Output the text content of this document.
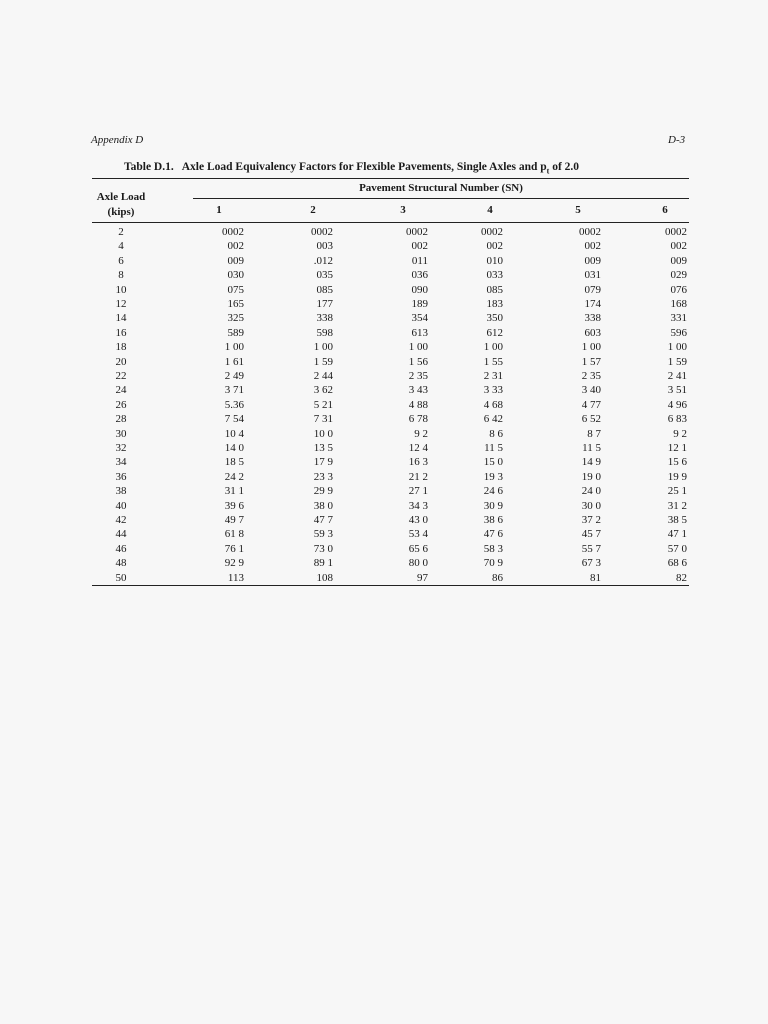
Appendix D	D-3
Table D.1. Axle Load Equivalency Factors for Flexible Pavements, Single Axles and $p_t$ of 2.0
Pavement Structural Number (SN)
Axle Load
(kips)	1	2	3	4	5	6
2	0002	0002	0002	0002	0002	0002
4	002	003	002	002	002	002
6	009	.012	011	010	009	009
8	030	035	036	033	031	029
10	075	085	090	085	079	076
12	165	177	189	183	174	168
14	325	338	354	350	338	331
16	589	598	613	612	603	596
18	1 00	1 00	1 00	1 00	1 00	1 00
20	1 61	1 59	1 56	1 55	1 57	1 59
22	2 49	2 44	2 35	2 31	2 35	2 41
24	3 71	3 62	3 43	3 33	3 40	3 51
26	5.36	5 21	4 88	4 68	4 77	4 96
28	7 54	7 31	6 78	6 42	6 52	6 83
30	10 4	10 0	9 2	8 6	8 7	9 2
32	14 0	13 5	12 4	11 5	11 5	12 1
34	18 5	17 9	16 3	15 0	14 9	15 6
36	24 2	23 3	21 2	19 3	19 0	19 9
38	31 1	29 9	27 1	24 6	24 0	25 1
40	39 6	38 0	34 3	30 9	30 0	31 2
42	49 7	47 7	43 0	38 6	37 2	38 5
44	61 8	59 3	53 4	47 6	45 7	47 1
46	76 1	73 0	65 6	58 3	55 7	57 0
48	92 9	89 1	80 0	70 9	67 3	68 6
50	113	108	97	86	81	82
